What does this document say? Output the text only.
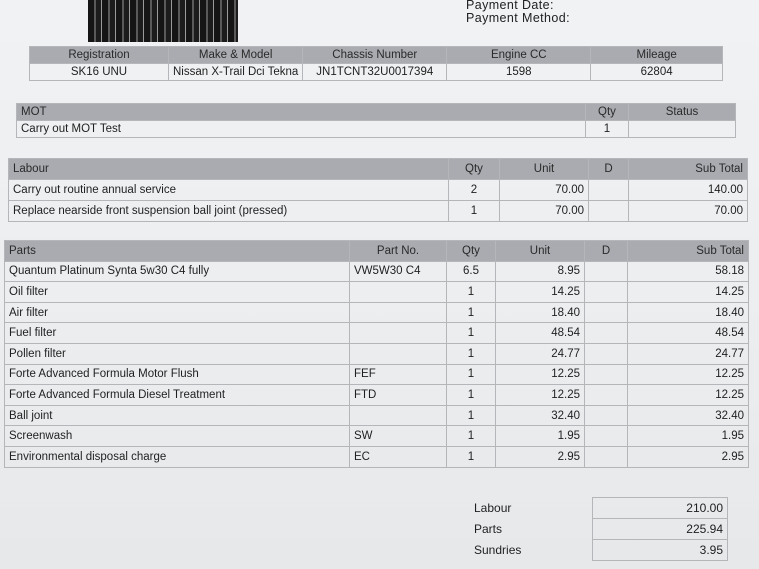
Payment Date:
Payment Method:
Registration	Make & Model	Chassis Number	Engine CC	Mileage
SK16 UNU	Nissan X-Trail Dci Tekna	JN1TCNT32U0017394	1598	62804
MOT	Qty	Status
Carry out MOT Test	1	
Labour	Qty	Unit	D	Sub Total
Carry out routine annual service	2	70.00		140.00
Replace nearside front suspension ball joint (pressed)	1	70.00		70.00
Parts	Part No.	Qty	Unit	D	Sub Total
Quantum Platinum Synta 5w30 C4 fully	VW5W30 C4	6.5	8.95		58.18
Oil filter		1	14.25		14.25
Air filter		1	18.40		18.40
Fuel filter		1	48.54		48.54
Pollen filter		1	24.77		24.77
Forte Advanced Formula Motor Flush	FEF	1	12.25		12.25
Forte Advanced Formula Diesel Treatment	FTD	1	12.25		12.25
Ball joint		1	32.40		32.40
Screenwash	SW	1	1.95		1.95
Environmental disposal charge	EC	1	2.95		2.95
Labour	210.00
Parts	225.94
Sundries	3.95
